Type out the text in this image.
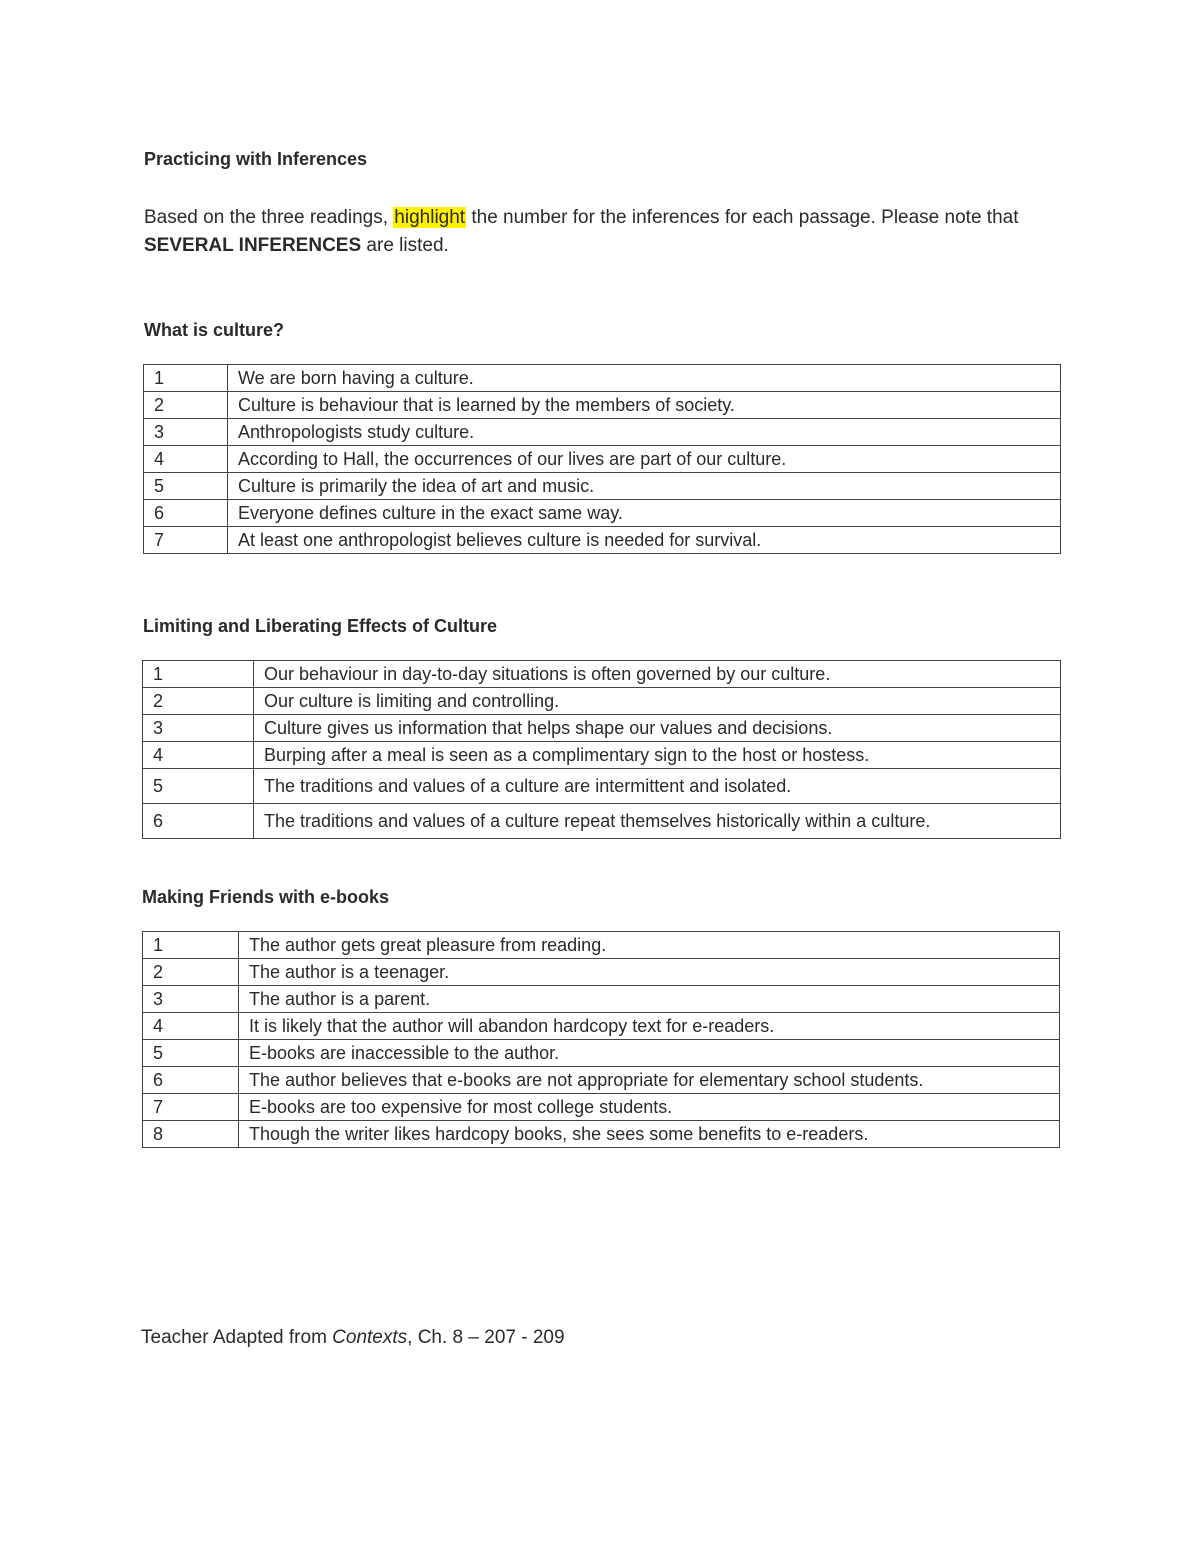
Practicing with Inferences

Based on the three readings, highlight the number for the inferences for each passage. Please note that SEVERAL INFERENCES are listed.

What is culture?

1	We are born having a culture.
2	Culture is behaviour that is learned by the members of society.
3	Anthropologists study culture.
4	According to Hall, the occurrences of our lives are part of our culture.
5	Culture is primarily the idea of art and music.
6	Everyone defines culture in the exact same way.
7	At least one anthropologist believes culture is needed for survival.

Limiting and Liberating Effects of Culture

1	Our behaviour in day-to-day situations is often governed by our culture.
2	Our culture is limiting and controlling.
3	Culture gives us information that helps shape our values and decisions.
4	Burping after a meal is seen as a complimentary sign to the host or hostess.
5	The traditions and values of a culture are intermittent and isolated.
6	The traditions and values of a culture repeat themselves historically within a culture.

Making Friends with e-books

1	The author gets great pleasure from reading.
2	The author is a teenager.
3	The author is a parent.
4	It is likely that the author will abandon hardcopy text for e-readers.
5	E-books are inaccessible to the author.
6	The author believes that e-books are not appropriate for elementary school students.
7	E-books are too expensive for most college students.
8	Though the writer likes hardcopy books, she sees some benefits to e-readers.

Teacher Adapted from Contexts, Ch. 8 – 207 - 209
